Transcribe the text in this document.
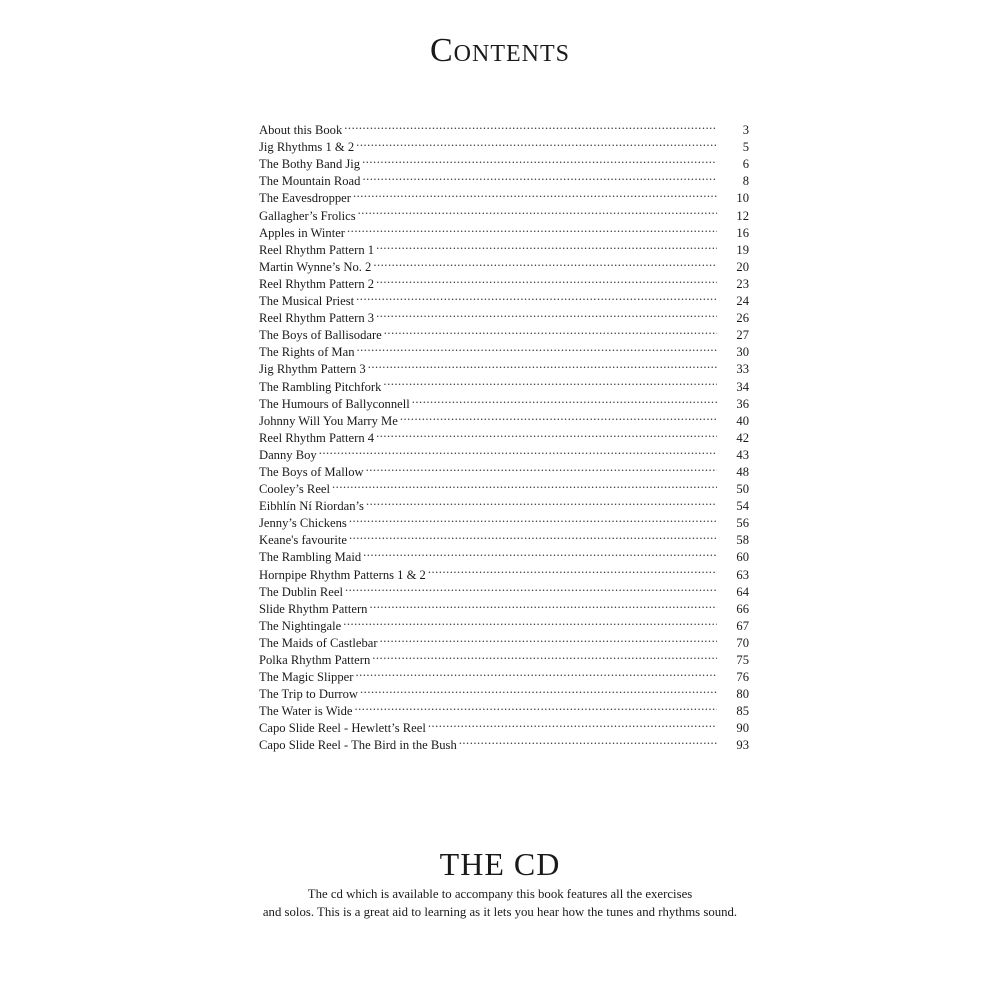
Contents
About this Book .....	3
Jig Rhythms 1 & 2 .....	5
The Bothy Band Jig .....	6
The Mountain Road .....	8
The Eavesdropper .....	10
Gallagher’s Frolics .....	12
Apples in Winter .....	16
Reel Rhythm Pattern 1 .....	19
Martin Wynne’s No. 2 .....	20
Reel Rhythm Pattern 2 .....	23
The Musical Priest .....	24
Reel Rhythm Pattern 3 .....	26
The Boys of Ballisodare .....	27
The Rights of Man .....	30
Jig Rhythm Pattern 3 .....	33
The Rambling Pitchfork .....	34
The Humours of Ballyconnell .....	36
Johnny Will You Marry Me .....	40
Reel Rhythm Pattern 4 .....	42
Danny Boy .....	43
The Boys of Mallow .....	48
Cooley’s Reel .....	50
Eibhlín Ní Riordan’s .....	54
Jenny’s Chickens .....	56
Keane's favourite .....	58
The Rambling Maid .....	60
Hornpipe Rhythm Patterns 1 & 2 .....	63
The Dublin Reel .....	64
Slide Rhythm Pattern .....	66
The Nightingale .....	67
The Maids of Castlebar .....	70
Polka Rhythm Pattern .....	75
The Magic Slipper .....	76
The Trip to Durrow .....	80
The Water is Wide .....	85
Capo Slide Reel - Hewlett’s Reel .....	90
Capo Slide Reel - The Bird in the Bush .....	93
THE CD

The cd which is available to accompany this book features all the exercises
and solos. This is a great aid to learning as it lets you hear how the tunes and rhythms sound.
